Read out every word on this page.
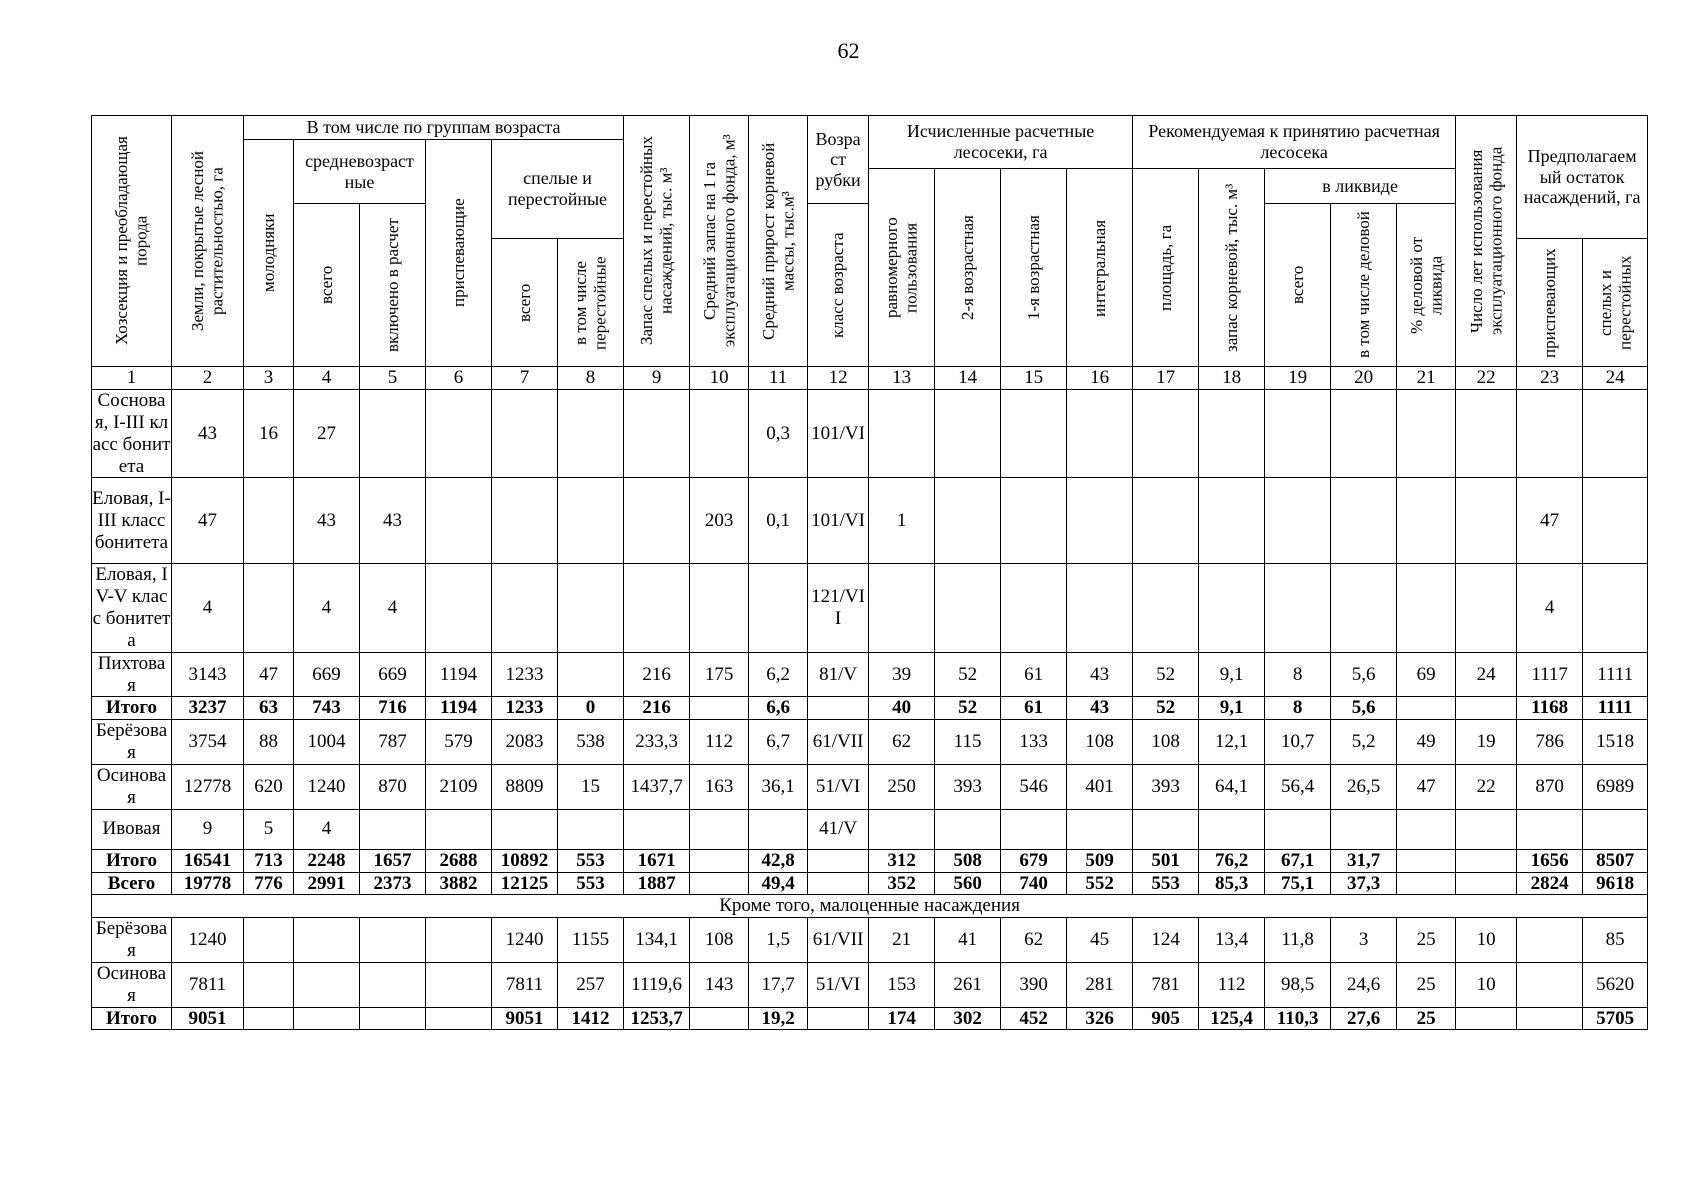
62
Хозсекция и преобладающая порода	Земли, покрытые лесной растительностью, га	В том числе по группам возраста						Запас спелых и перестойных насаждений, тыс. м³	Средний запас на 1 га эксплуатационного фонда, м³	Средний прирост корневой массы, тыс.м³	Возра ст рубки	Исчисленные расчетные лесосеки, га				Рекомендуемая к принятию расчетная лесосека					Число лет использования эксплуатационного фонда	Предполагаем ый остаток насаждений, га	

		молодняки	средневозраст ные		приспевающие	спелые и перестойные																	

												равномерного пользования	2-я возрастная	1-я возрастная	интегральная	площадь, га	запас корневой, тыс. м³	в ликвиде					

			всего	включено в расчет							класс возраста							всего	в том числе деловой	% деловой от ликвида			

						всего	в том числе перестойные															приспевающих	спелых и перестойных

1	2	3	4	5	6	7	8	9	10	11	12	13	14	15	16	17	18	19	20	21	22	23	24
Соснова я, I-III класс бонитета	43	16	27							0,3	101/VI												
Еловая, I-III класс бонитета	47		43	43					203	0,1	101/VI	1										47	
Еловая, IV-V класс бонитета	4		4	4							121/VI I											4	
Пихтова я	3143	47	669	669	1194	1233		216	175	6,2	81/V	39	52	61	43	52	9,1	8	5,6	69	24	1117	1111
Итого	3237	63	743	716	1194	1233	0	216		6,6		40	52	61	43	52	9,1	8	5,6			1168	1111
Берёзова я	3754	88	1004	787	579	2083	538	233,3	112	6,7	61/VII	62	115	133	108	108	12,1	10,7	5,2	49	19	786	1518
Осинова я	12778	620	1240	870	2109	8809	15	1437,7	163	36,1	51/VI	250	393	546	401	393	64,1	56,4	26,5	47	22	870	6989
Ивовая	9	5	4								41/V												
Итого	16541	713	2248	1657	2688	10892	553	1671		42,8		312	508	679	509	501	76,2	67,1	31,7			1656	8507
Всего	19778	776	2991	2373	3882	12125	553	1887		49,4		352	560	740	552	553	85,3	75,1	37,3			2824	9618
Кроме того, малоценные насаждения																							
Берёзова я	1240					1240	1155	134,1	108	1,5	61/VII	21	41	62	45	124	13,4	11,8	3	25	10		85
Осинова я	7811					7811	257	1119,6	143	17,7	51/VI	153	261	390	281	781	112	98,5	24,6	25	10		5620
Итого	9051					9051	1412	1253,7		19,2		174	302	452	326	905	125,4	110,3	27,6	25			5705
